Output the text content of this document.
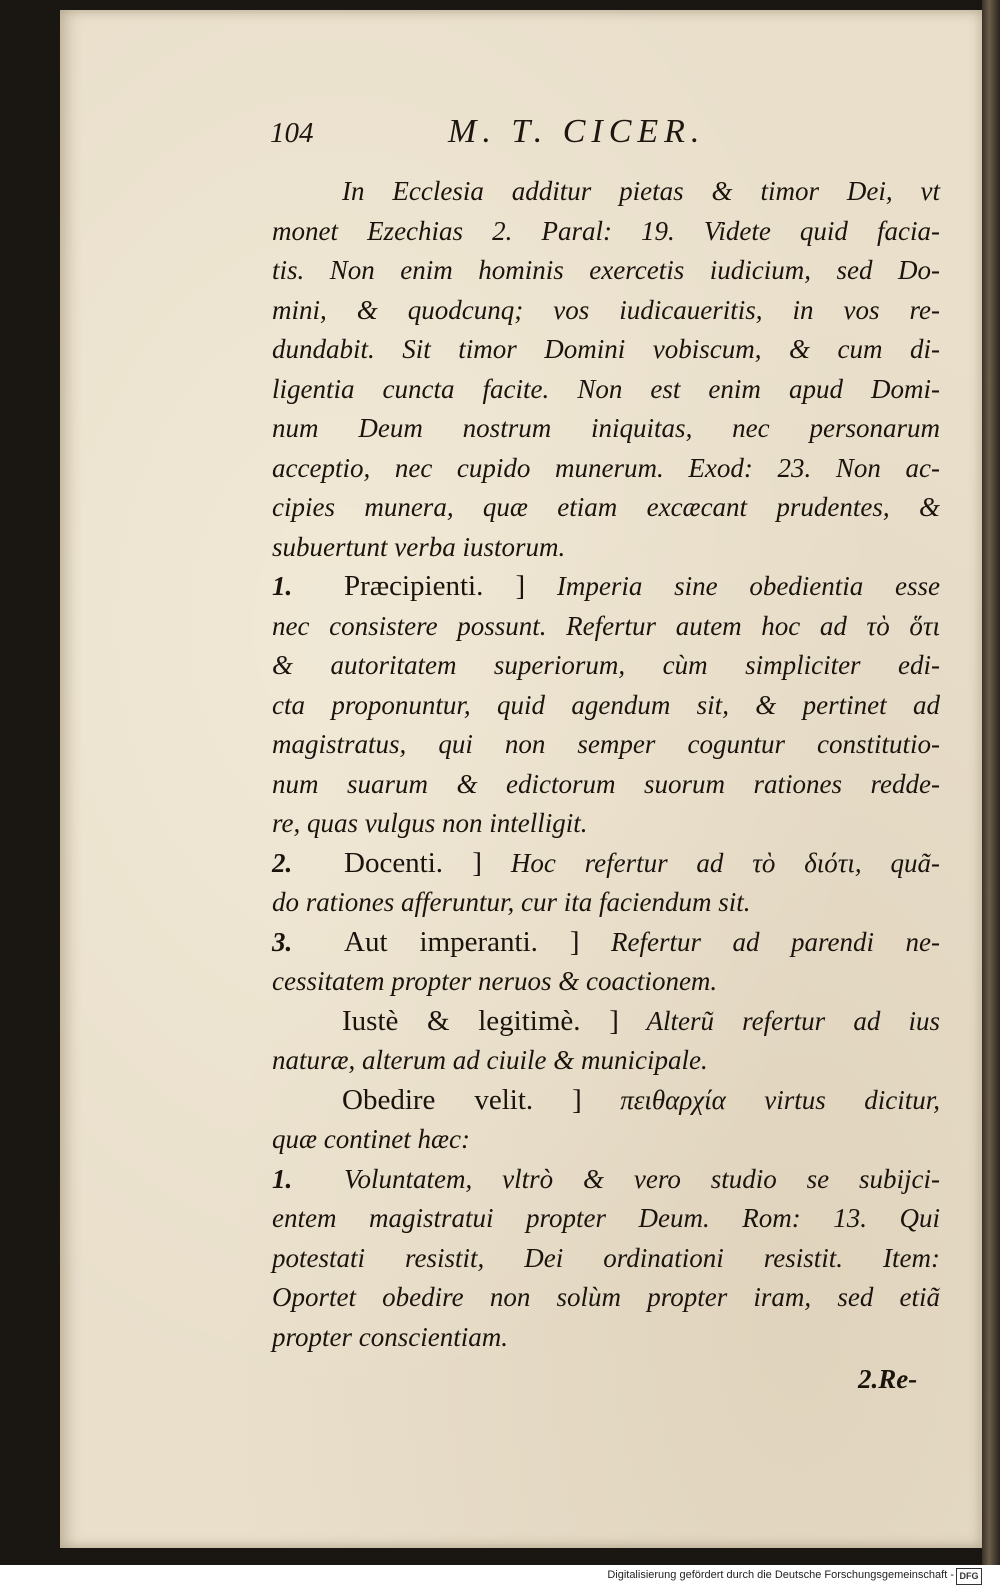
104	M. T. CICER.
In Ecclesia additur pietas & timor Dei, vt
monet Ezechias 2. Paral: 19. Videte quid facia-
tis. Non enim hominis exercetis iudicium, sed Do-
mini, & quodcunq; vos iudicaueritis, in vos re-
dundabit. Sit timor Domini vobiscum, & cum di-
ligentia cuncta facite. Non est enim apud Domi-
num Deum nostrum iniquitas, nec personarum
acceptio, nec cupido munerum. Exod: 23. Non ac-
cipies munera, quæ etiam excæcant prudentes, &
subuertunt verba iustorum.
1. Præcipienti. ] Imperia sine obedientia esse
nec consistere possunt. Refertur autem hoc ad τὸ ὅτι
& autoritatem superiorum, cùm simpliciter edi-
cta proponuntur, quid agendum sit, & pertinet ad
magistratus, qui non semper coguntur constitutio-
num suarum & edictorum suorum rationes redde-
re, quas vulgus non intelligit.
2. Docenti. ] Hoc refertur ad τὸ διότι, quã-
do rationes afferuntur, cur ita faciendum sit.
3. Aut imperanti. ] Refertur ad parendi ne-
cessitatem propter neruos & coactionem.
Iustè & legitimè. ] Alterũ refertur ad ius
naturæ, alterum ad ciuile & municipale.
Obedire velit. ] πειθαρχία virtus dicitur,
quæ continet hæc:
1. Voluntatem, vltrò & vero studio se subijci-
entem magistratui propter Deum. Rom: 13. Qui
potestati resistit, Dei ordinationi resistit. Item:
Oportet obedire non solùm propter iram, sed etiã
propter conscientiam.
2.Re-
Digitalisierung gefördert durch die Deutsche Forschungsgemeinschaft - DFG
